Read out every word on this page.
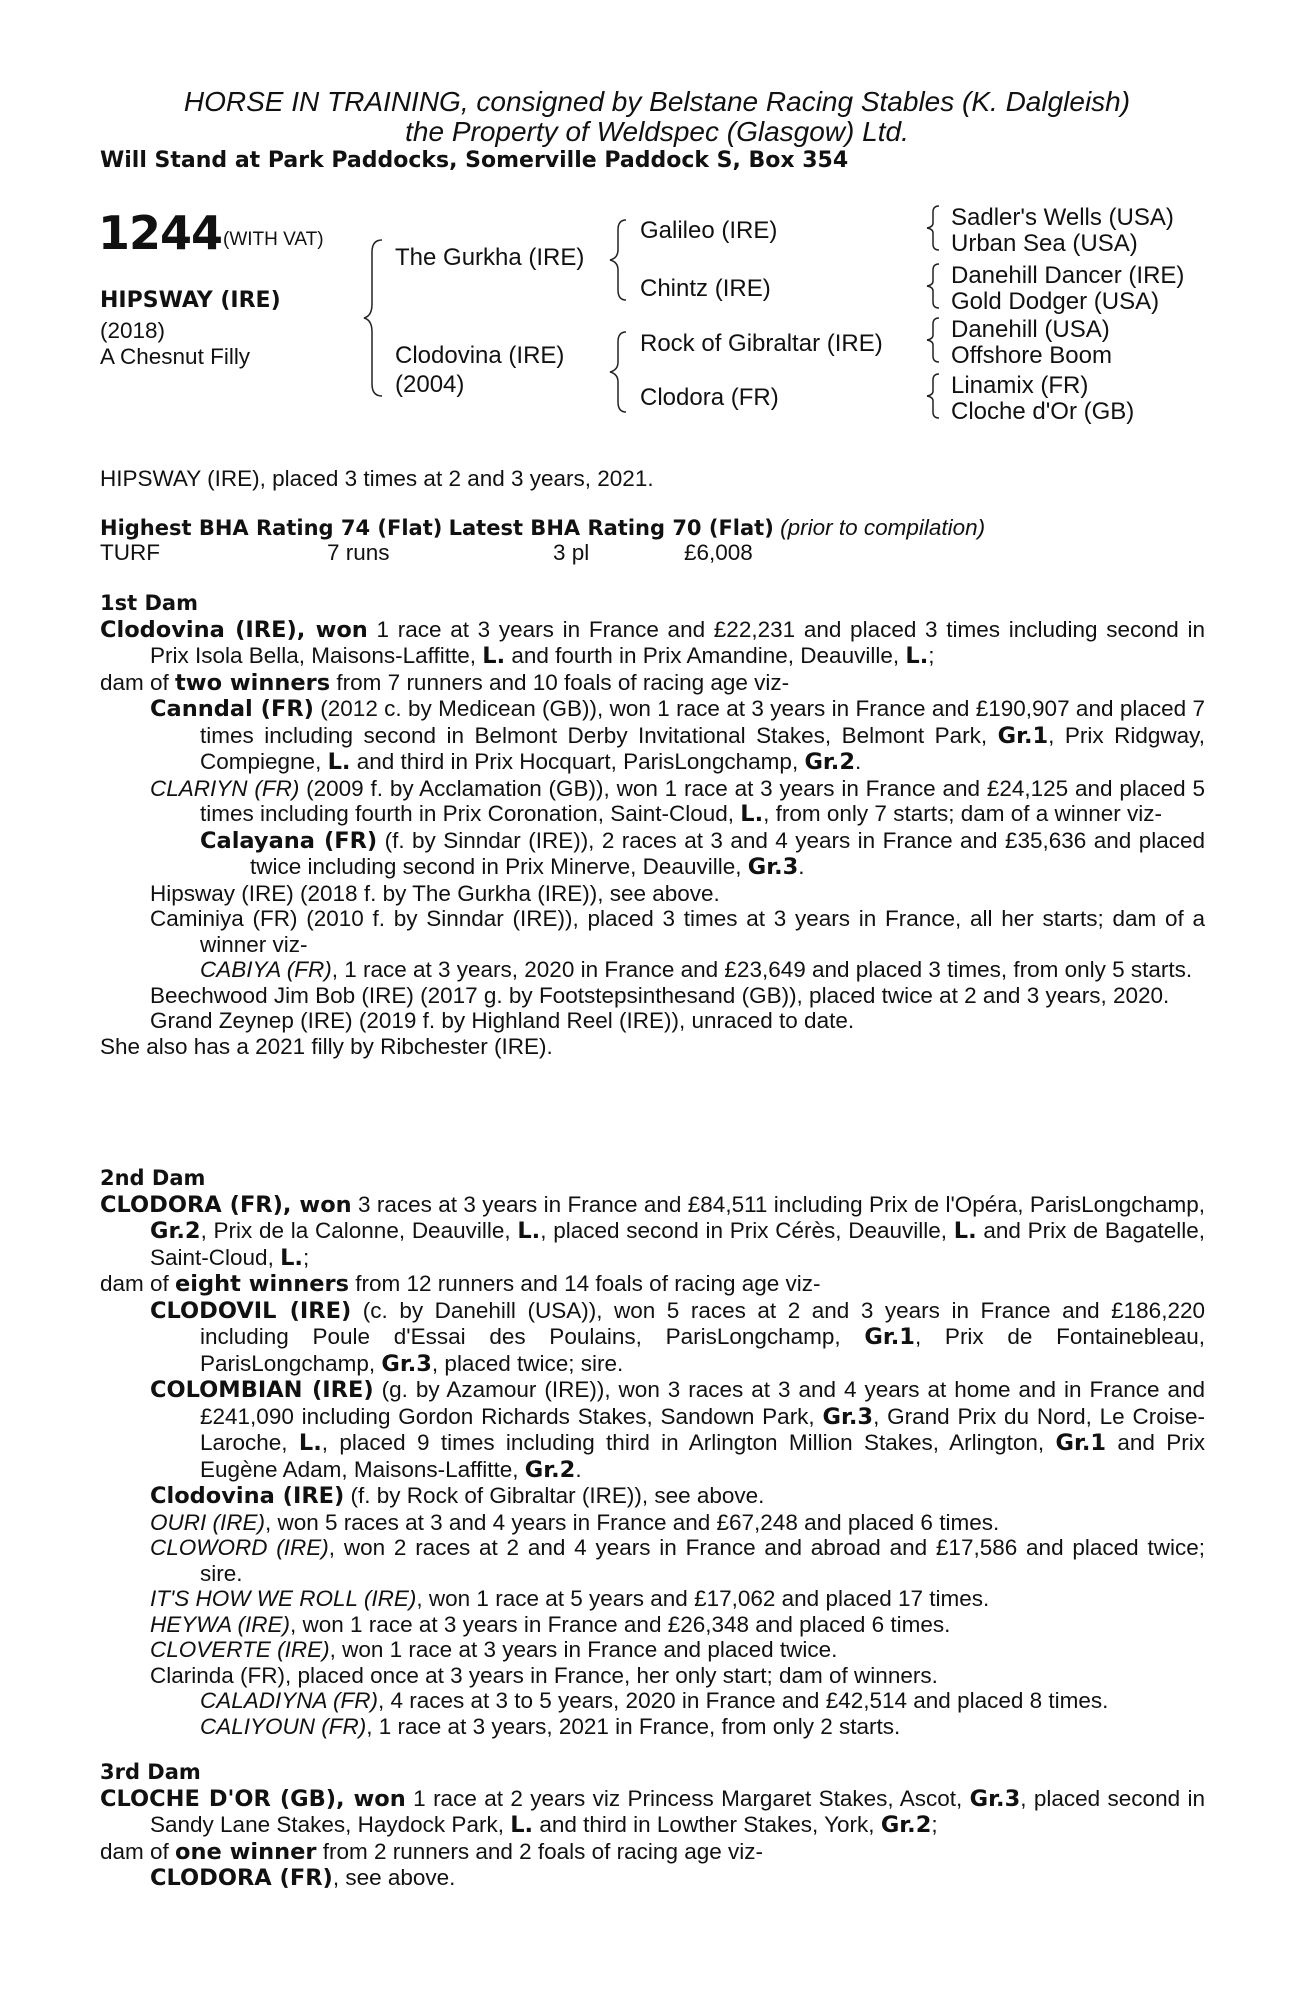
HORSE IN TRAINING, consigned by Belstane Racing Stables (K. Dalgleish)
the Property of Weldspec (Glasgow) Ltd.
Will Stand at Park Paddocks, Somerville Paddock S, Box 354
1244 (WITH VAT)
HIPSWAY (IRE)
(2018)
A Chesnut Filly
The Gurkha (IRE)
Clodovina (IRE)
(2004)
Galileo (IRE)
Chintz (IRE)
Rock of Gibraltar (IRE)
Clodora (FR)
Sadler's Wells (USA)
Urban Sea (USA)
Danehill Dancer (IRE)
Gold Dodger (USA)
Danehill (USA)
Offshore Boom
Linamix (FR)
Cloche d'Or (GB)
HIPSWAY (IRE), placed 3 times at 2 and 3 years, 2021.
Highest BHA Rating 74 (Flat) Latest BHA Rating 70 (Flat) (prior to compilation)
TURF	7 runs	3 pl	£6,008

1st Dam

Clodovina (IRE), won 1 race at 3 years in France and £22,231 and placed 3 times including second in Prix Isola Bella, Maisons-Laffitte, L. and fourth in Prix Amandine, Deauville, L.;

dam of two winners from 7 runners and 10 foals of racing age viz-

Canndal (FR) (2012 c. by Medicean (GB)), won 1 race at 3 years in France and £190,907 and placed 7 times including second in Belmont Derby Invitational Stakes, Belmont Park, Gr.1, Prix Ridgway, Compiegne, L. and third in Prix Hocquart, ParisLongchamp, Gr.2.

CLARIYN (FR) (2009 f. by Acclamation (GB)), won 1 race at 3 years in France and £24,125 and placed 5 times including fourth in Prix Coronation, Saint-Cloud, L., from only 7 starts; dam of a winner viz-

Calayana (FR) (f. by Sinndar (IRE)), 2 races at 3 and 4 years in France and £35,636 and placed twice including second in Prix Minerve, Deauville, Gr.3.

Hipsway (IRE) (2018 f. by The Gurkha (IRE)), see above.

Caminiya (FR) (2010 f. by Sinndar (IRE)), placed 3 times at 3 years in France, all her starts; dam of a winner viz-

CABIYA (FR), 1 race at 3 years, 2020 in France and £23,649 and placed 3 times, from only 5 starts.

Beechwood Jim Bob (IRE) (2017 g. by Footstepsinthesand (GB)), placed twice at 2 and 3 years, 2020.

Grand Zeynep (IRE) (2019 f. by Highland Reel (IRE)), unraced to date.

She also has a 2021 filly by Ribchester (IRE).

2nd Dam

CLODORA (FR), won 3 races at 3 years in France and £84,511 including Prix de l'Opéra, ParisLongchamp, Gr.2, Prix de la Calonne, Deauville, L., placed second in Prix Cérès, Deauville, L. and Prix de Bagatelle, Saint-Cloud, L.;

dam of eight winners from 12 runners and 14 foals of racing age viz-

CLODOVIL (IRE) (c. by Danehill (USA)), won 5 races at 2 and 3 years in France and £186,220 including Poule d'Essai des Poulains, ParisLongchamp, Gr.1, Prix de Fontainebleau, ParisLongchamp, Gr.3, placed twice; sire.

COLOMBIAN (IRE) (g. by Azamour (IRE)), won 3 races at 3 and 4 years at home and in France and £241,090 including Gordon Richards Stakes, Sandown Park, Gr.3, Grand Prix du Nord, Le Croise-Laroche, L., placed 9 times including third in Arlington Million Stakes, Arlington, Gr.1 and Prix Eugène Adam, Maisons-Laffitte, Gr.2.

Clodovina (IRE) (f. by Rock of Gibraltar (IRE)), see above.

OURI (IRE), won 5 races at 3 and 4 years in France and £67,248 and placed 6 times.

CLOWORD (IRE), won 2 races at 2 and 4 years in France and abroad and £17,586 and placed twice; sire.

IT'S HOW WE ROLL (IRE), won 1 race at 5 years and £17,062 and placed 17 times.

HEYWA (IRE), won 1 race at 3 years in France and £26,348 and placed 6 times.

CLOVERTE (IRE), won 1 race at 3 years in France and placed twice.

Clarinda (FR), placed once at 3 years in France, her only start; dam of winners.

CALADIYNA (FR), 4 races at 3 to 5 years, 2020 in France and £42,514 and placed 8 times.

CALIYOUN (FR), 1 race at 3 years, 2021 in France, from only 2 starts.

3rd Dam

CLOCHE D'OR (GB), won 1 race at 2 years viz Princess Margaret Stakes, Ascot, Gr.3, placed second in Sandy Lane Stakes, Haydock Park, L. and third in Lowther Stakes, York, Gr.2;

dam of one winner from 2 runners and 2 foals of racing age viz-

CLODORA (FR), see above.
